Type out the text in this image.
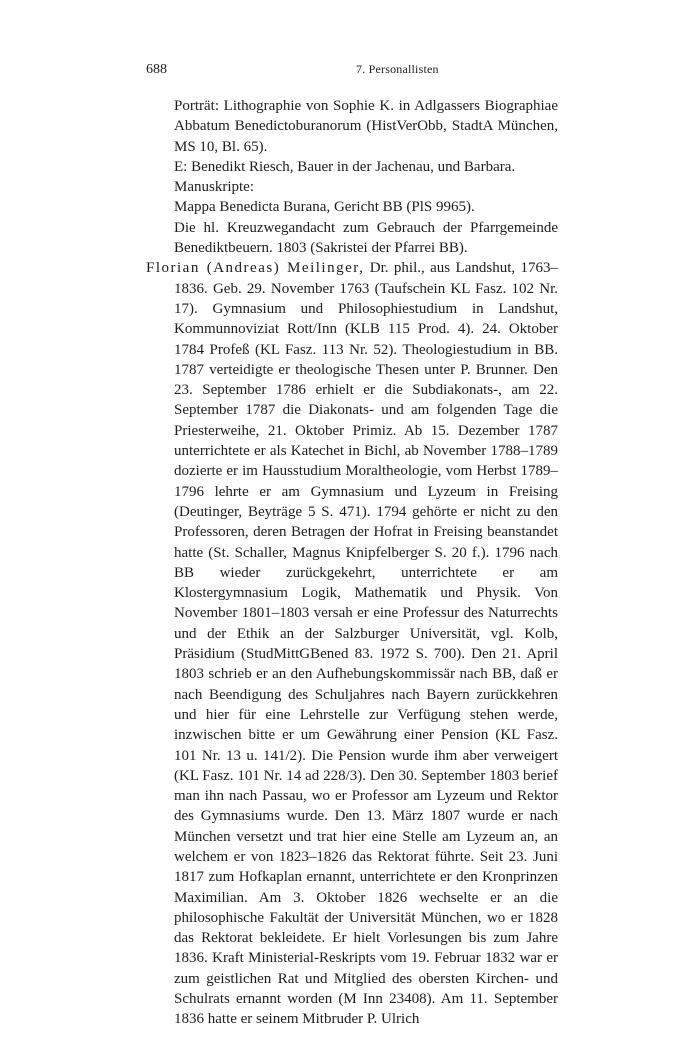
688	7. Personallisten

Porträt: Lithographie von Sophie K. in Adlgassers Biographiae Abbatum Benedictoburanorum (HistVerObb, StadtA München, MS 10, Bl. 65).

E: Benedikt Riesch, Bauer in der Jachenau, und Barbara.

Manuskripte:

Mappa Benedicta Burana, Gericht BB (PlS 9965).

Die hl. Kreuzwegandacht zum Gebrauch der Pfarrgemeinde Benediktbeuern. 1803 (Sakristei der Pfarrei BB).

Florian (Andreas) Meilinger, Dr. phil., aus Landshut, 1763–1836. Geb. 29. November 1763 (Taufschein KL Fasz. 102 Nr. 17). Gymnasium und Philosophiestudium in Landshut, Kommunnoviziat Rott/Inn (KLB 115 Prod. 4). 24. Oktober 1784 Profeß (KL Fasz. 113 Nr. 52). Theologiestudium in BB. 1787 verteidigte er theologische Thesen unter P. Brunner. Den 23. September 1786 erhielt er die Subdiakonats-, am 22. September 1787 die Diakonats- und am folgenden Tage die Priesterweihe, 21. Oktober Primiz. Ab 15. Dezember 1787 unterrichtete er als Katechet in Bichl, ab November 1788–1789 dozierte er im Hausstudium Moraltheologie, vom Herbst 1789–1796 lehrte er am Gymnasium und Lyzeum in Freising (Deutinger, Beyträge 5 S. 471). 1794 gehörte er nicht zu den Professoren, deren Betragen der Hofrat in Freising beanstandet hatte (St. Schaller, Magnus Knipfelberger S. 20 f.). 1796 nach BB wieder zurückgekehrt, unterrichtete er am Klostergymnasium Logik, Mathematik und Physik. Von November 1801–1803 versah er eine Professur des Naturrechts und der Ethik an der Salzburger Universität, vgl. Kolb, Präsidium (StudMittGBened 83. 1972 S. 700). Den 21. April 1803 schrieb er an den Aufhebungskommissär nach BB, daß er nach Beendigung des Schuljahres nach Bayern zurückkehren und hier für eine Lehrstelle zur Verfügung stehen werde, inzwischen bitte er um Gewährung einer Pension (KL Fasz. 101 Nr. 13 u. 141/2). Die Pension wurde ihm aber verweigert (KL Fasz. 101 Nr. 14 ad 228/3). Den 30. September 1803 berief man ihn nach Passau, wo er Professor am Lyzeum und Rektor des Gymnasiums wurde. Den 13. März 1807 wurde er nach München versetzt und trat hier eine Stelle am Lyzeum an, an welchem er von 1823–1826 das Rektorat führte. Seit 23. Juni 1817 zum Hofkaplan ernannt, unterrichtete er den Kronprinzen Maximilian. Am 3. Oktober 1826 wechselte er an die philosophische Fakultät der Universität München, wo er 1828 das Rektorat bekleidete. Er hielt Vorlesungen bis zum Jahre 1836. Kraft Ministerial-Reskripts vom 19. Februar 1832 war er zum geistlichen Rat und Mitglied des obersten Kirchen- und Schulrats ernannt worden (M Inn 23408). Am 11. September 1836 hatte er seinem Mitbruder P. Ulrich
